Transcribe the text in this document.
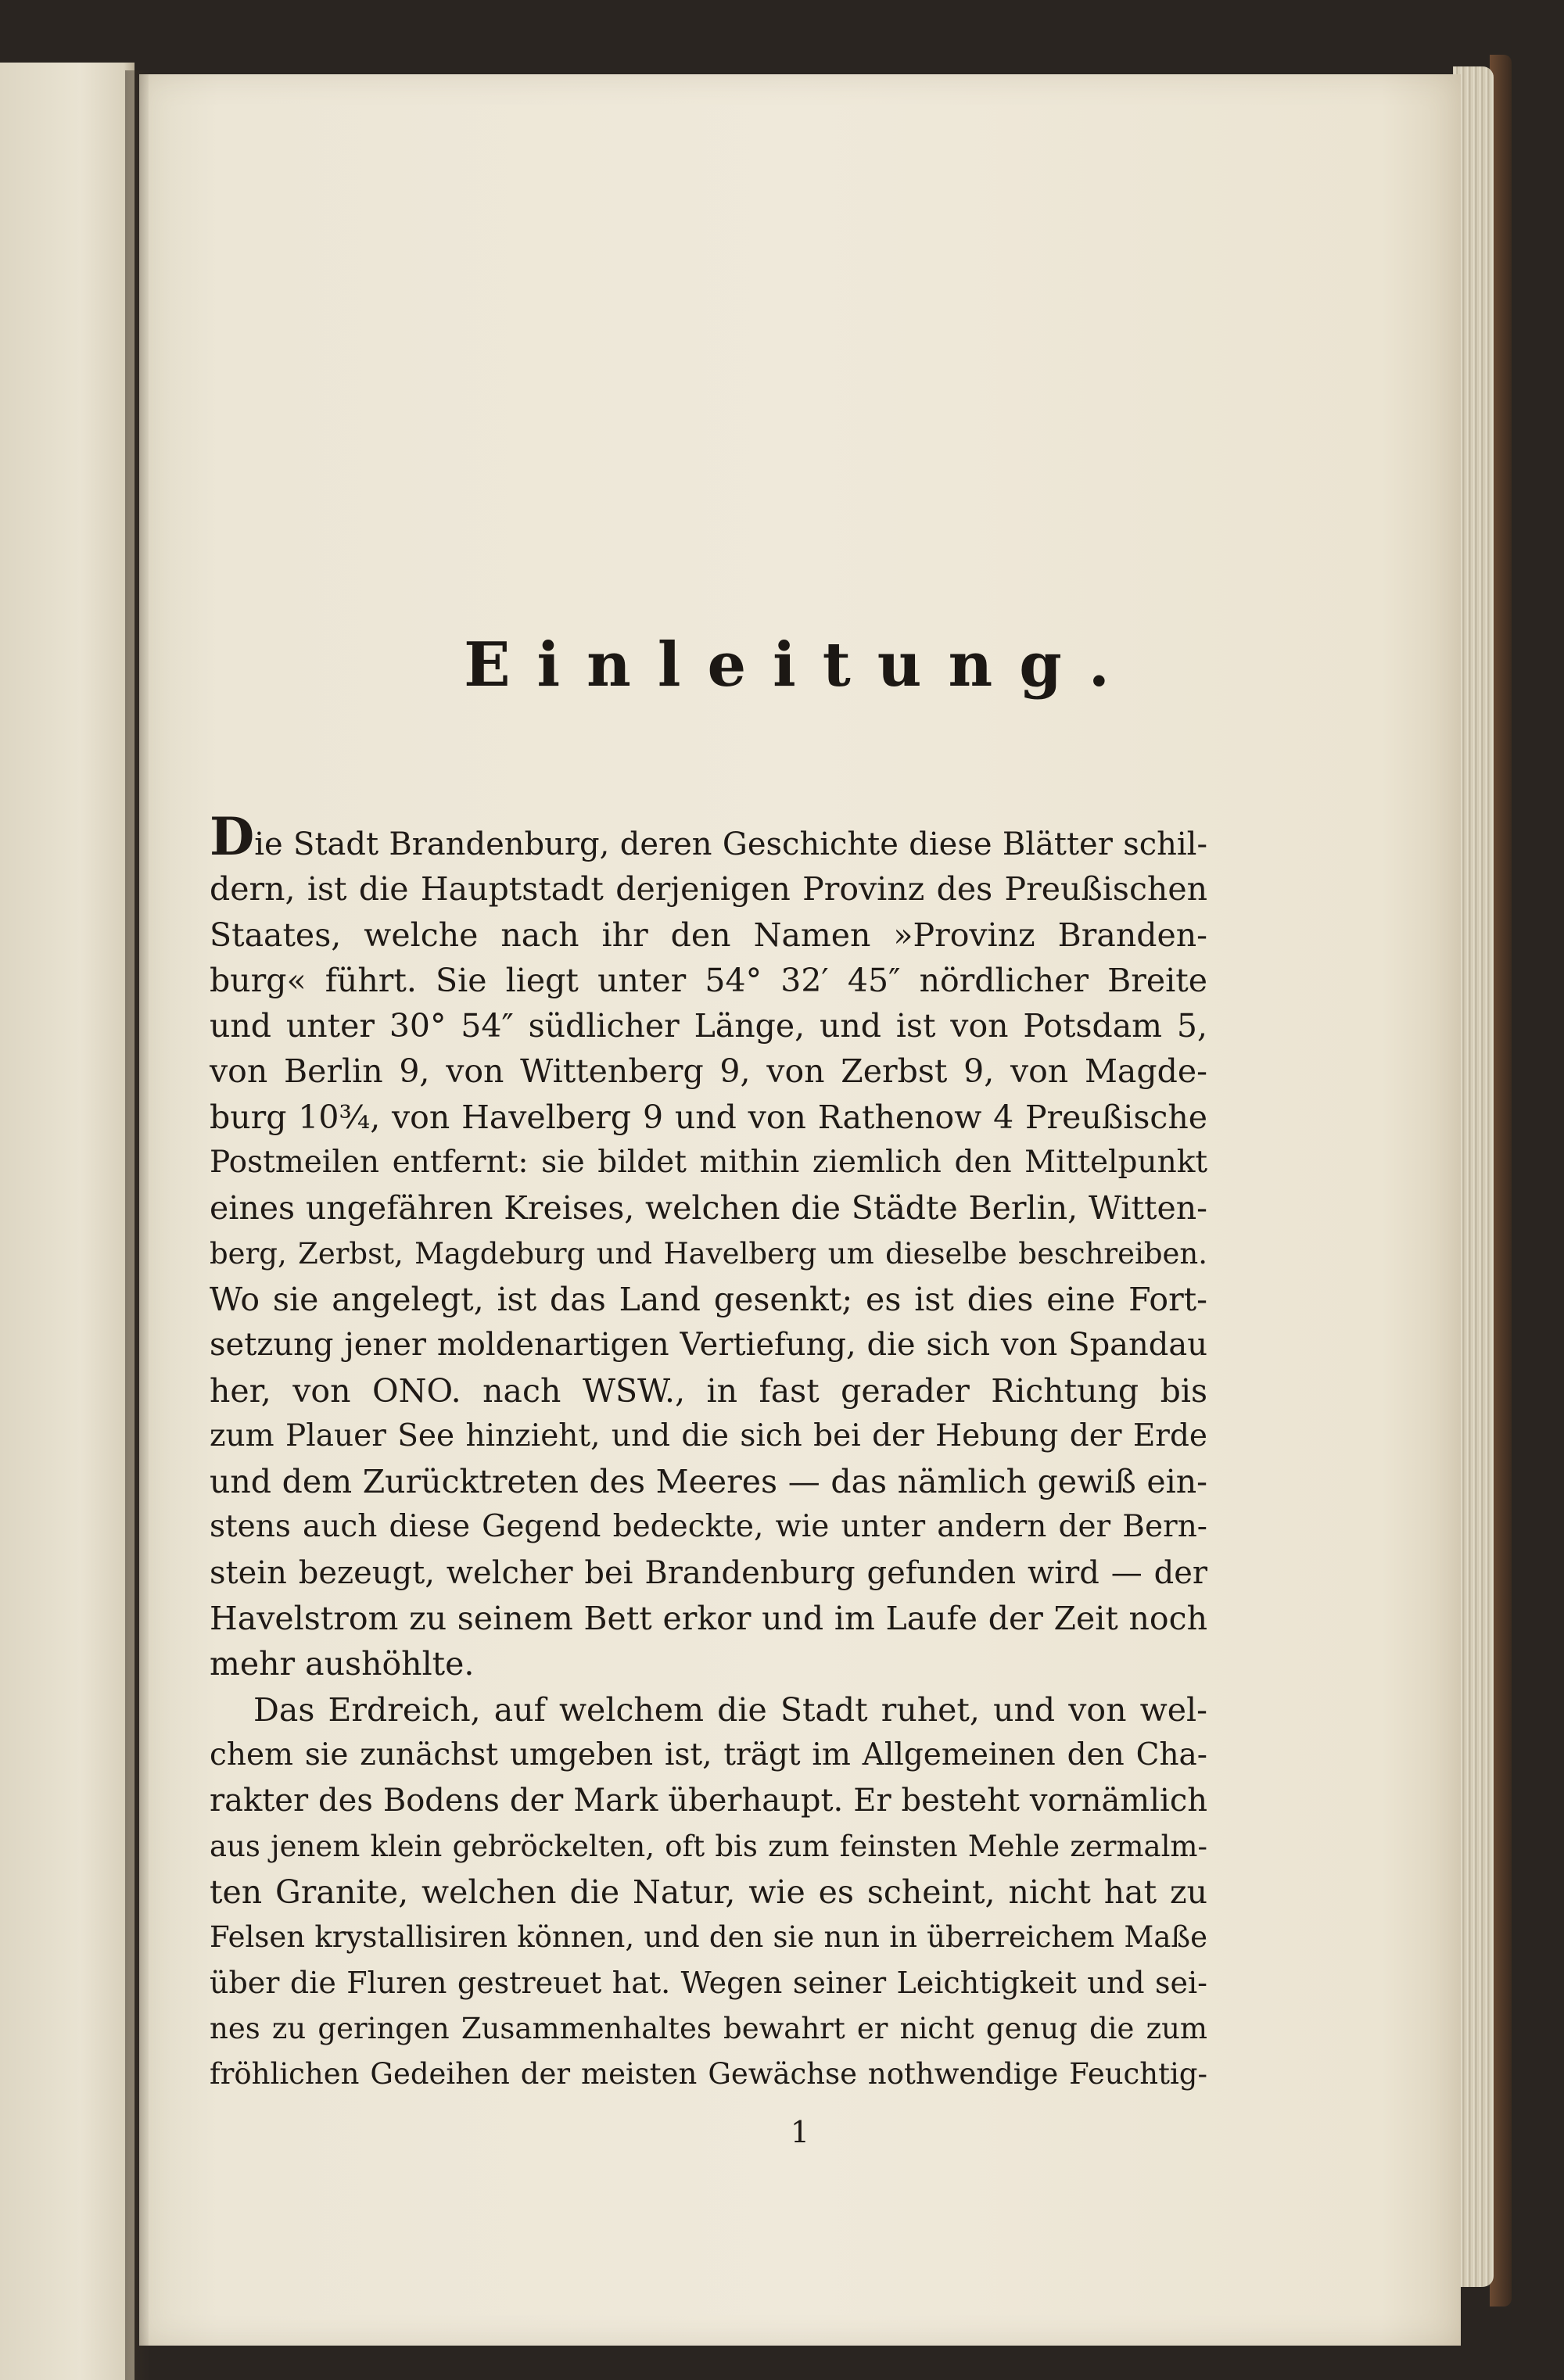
Einleitung.
Die Stadt Brandenburg, deren Geschichte diese Blätter schil-
dern, ist die Hauptstadt derjenigen Provinz des Preußischen
Staates, welche nach ihr den Namen »Provinz Branden-
burg« führt. Sie liegt unter 54° 32′ 45″ nördlicher Breite
und unter 30° 54″ südlicher Länge, und ist von Potsdam 5,
von Berlin 9, von Wittenberg 9, von Zerbst 9, von Magde-
burg 10¾, von Havelberg 9 und von Rathenow 4 Preußische
Postmeilen entfernt: sie bildet mithin ziemlich den Mittelpunkt
eines ungefähren Kreises, welchen die Städte Berlin, Witten-
berg, Zerbst, Magdeburg und Havelberg um dieselbe beschreiben.
Wo sie angelegt, ist das Land gesenkt; es ist dies eine Fort-
setzung jener moldenartigen Vertiefung, die sich von Spandau
her, von ONO. nach WSW., in fast gerader Richtung bis
zum Plauer See hinzieht, und die sich bei der Hebung der Erde
und dem Zurücktreten des Meeres — das nämlich gewiß ein-
stens auch diese Gegend bedeckte, wie unter andern der Bern-
stein bezeugt, welcher bei Brandenburg gefunden wird — der
Havelstrom zu seinem Bett erkor und im Laufe der Zeit noch
mehr aushöhlte.
Das Erdreich, auf welchem die Stadt ruhet, und von wel-
chem sie zunächst umgeben ist, trägt im Allgemeinen den Cha-
rakter des Bodens der Mark überhaupt. Er besteht vornämlich
aus jenem klein gebröckelten, oft bis zum feinsten Mehle zermalm-
ten Granite, welchen die Natur, wie es scheint, nicht hat zu
Felsen krystallisiren können, und den sie nun in überreichem Maße
über die Fluren gestreuet hat. Wegen seiner Leichtigkeit und sei-
nes zu geringen Zusammenhaltes bewahrt er nicht genug die zum
fröhlichen Gedeihen der meisten Gewächse nothwendige Feuchtig-
1
